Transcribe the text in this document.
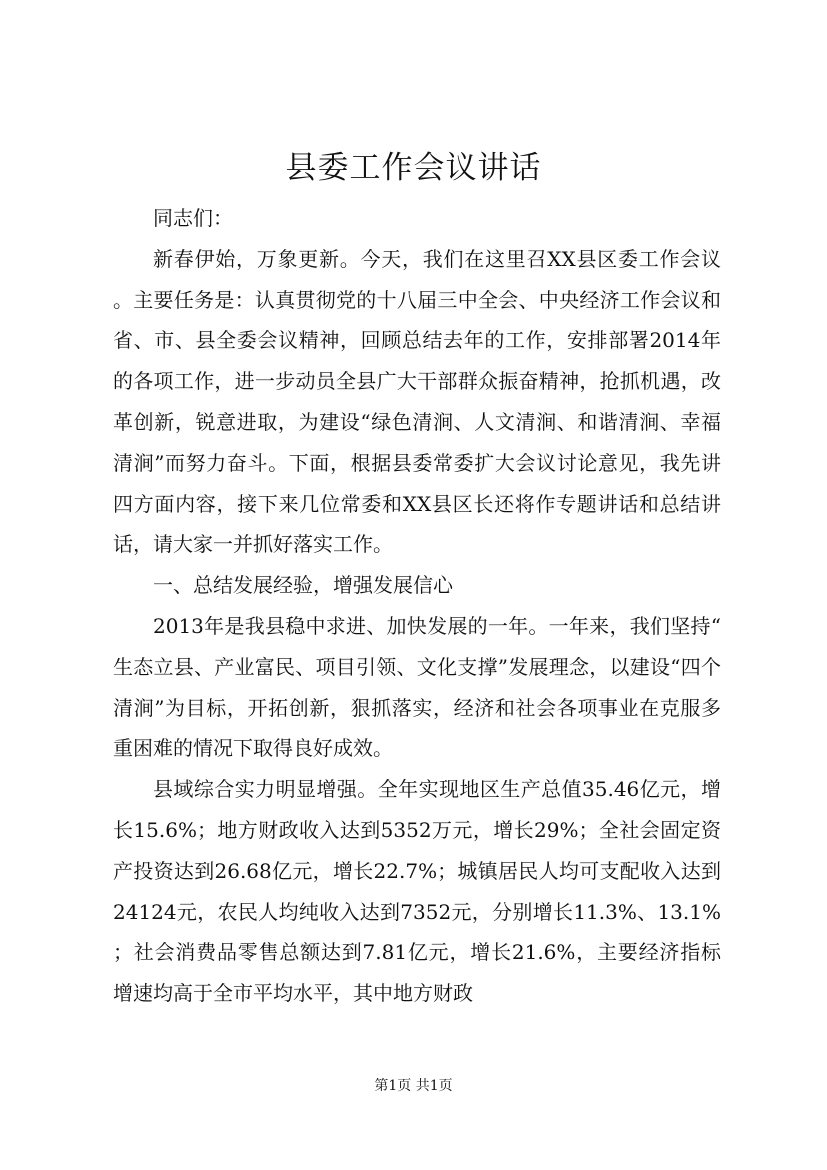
县委工作会议讲话

同志们：

新春伊始，万象更新。今天，我们在这里召XX县区委工作会议。主要任务是：认真贯彻党的十八届三中全会、中央经济工作会议和省、市、县全委会议精神，回顾总结去年的工作，安排部署2014年的各项工作，进一步动员全县广大干部群众振奋精神，抢抓机遇，改革创新，锐意进取，为建设“绿色清涧、人文清涧、和谐清涧、幸福清涧”而努力奋斗。下面，根据县委常委扩大会议讨论意见，我先讲四方面内容，接下来几位常委和XX县区长还将作专题讲话和总结讲话，请大家一并抓好落实工作。

一、总结发展经验，增强发展信心

2013年是我县稳中求进、加快发展的一年。一年来，我们坚持“生态立县、产业富民、项目引领、文化支撑”发展理念，以建设“四个清涧”为目标，开拓创新，狠抓落实，经济和社会各项事业在克服多重困难的情况下取得良好成效。

县域综合实力明显增强。全年实现地区生产总值35.46亿元，增长15.6%；地方财政收入达到5352万元，增长29%；全社会固定资产投资达到26.68亿元，增长22.7%；城镇居民人均可支配收入达到24124元，农民人均纯收入达到7352元，分别增长11.3%、13.1%；社会消费品零售总额达到7.81亿元，增长21.6%，主要经济指标增速均高于全市平均水平，其中地方财政

第1页 共1页
